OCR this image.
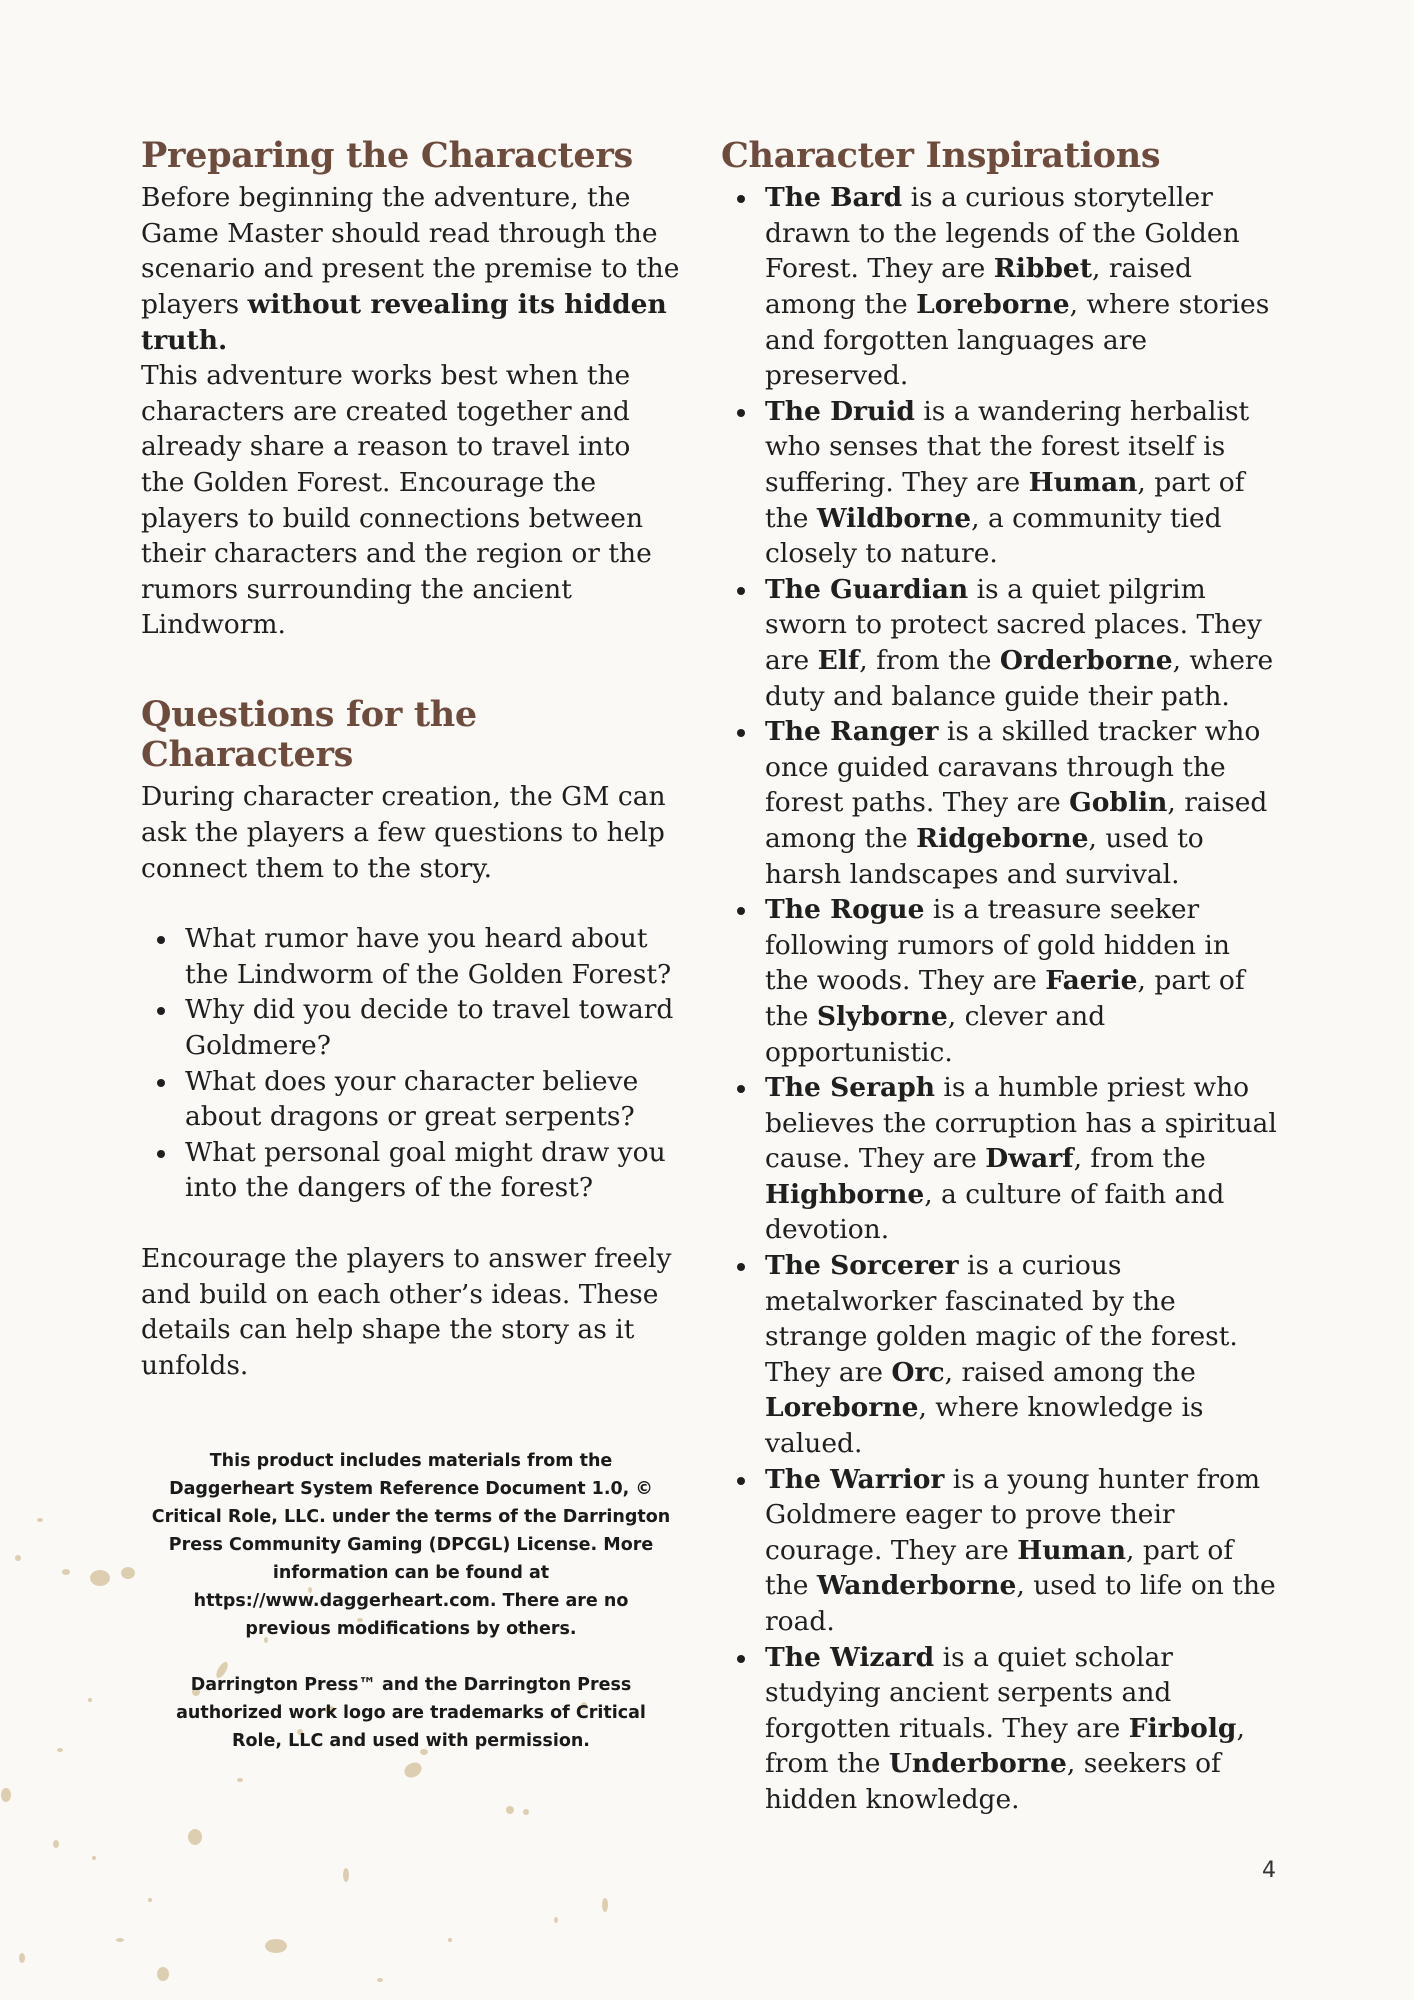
Preparing the Characters

Before beginning the adventure, the Game Master should read through the scenario and present the premise to the players without revealing its hidden truth.

This adventure works best when the characters are created together and already share a reason to travel into the Golden Forest. Encourage the players to build connections between their characters and the region or the rumors surrounding the ancient Lindworm.

Questions for the Characters

During character creation, the GM can ask the players a few questions to help connect them to the story.

What rumor have you heard about the Lindworm of the Golden Forest?
Why did you decide to travel toward Goldmere?
What does your character believe about dragons or great serpents?
What personal goal might draw you into the dangers of the forest?

Encourage the players to answer freely and build on each other’s ideas. These details can help shape the story as it unfolds.

This product includes materials from the Daggerheart System Reference Document 1.0, © Critical Role, LLC. under the terms of the Darrington Press Community Gaming (DPCGL) License. More information can be found at https://www.daggerheart.com. There are no previous modifications by others.

Darrington Press™ and the Darrington Press authorized work logo are trademarks of Critical Role, LLC and used with permission.

Character Inspirations
The Bard is a curious storyteller drawn to the legends of the Golden Forest. They are Ribbet, raised among the Loreborne, where stories and forgotten languages are preserved.
The Druid is a wandering herbalist who senses that the forest itself is suffering. They are Human, part of the Wildborne, a community tied closely to nature.
The Guardian is a quiet pilgrim sworn to protect sacred places. They are Elf, from the Orderborne, where duty and balance guide their path.
The Ranger is a skilled tracker who once guided caravans through the forest paths. They are Goblin, raised among the Ridgeborne, used to harsh landscapes and survival.
The Rogue is a treasure seeker following rumors of gold hidden in the woods. They are Faerie, part of the Slyborne, clever and opportunistic.
The Seraph is a humble priest who believes the corruption has a spiritual cause. They are Dwarf, from the Highborne, a culture of faith and devotion.
The Sorcerer is a curious metalworker fascinated by the strange golden magic of the forest. They are Orc, raised among the Loreborne, where knowledge is valued.
The Warrior is a young hunter from Goldmere eager to prove their courage. They are Human, part of the Wanderborne, used to life on the road.
The Wizard is a quiet scholar studying ancient serpents and forgotten rituals. They are Firbolg, from the Underborne, seekers of hidden knowledge.
4
